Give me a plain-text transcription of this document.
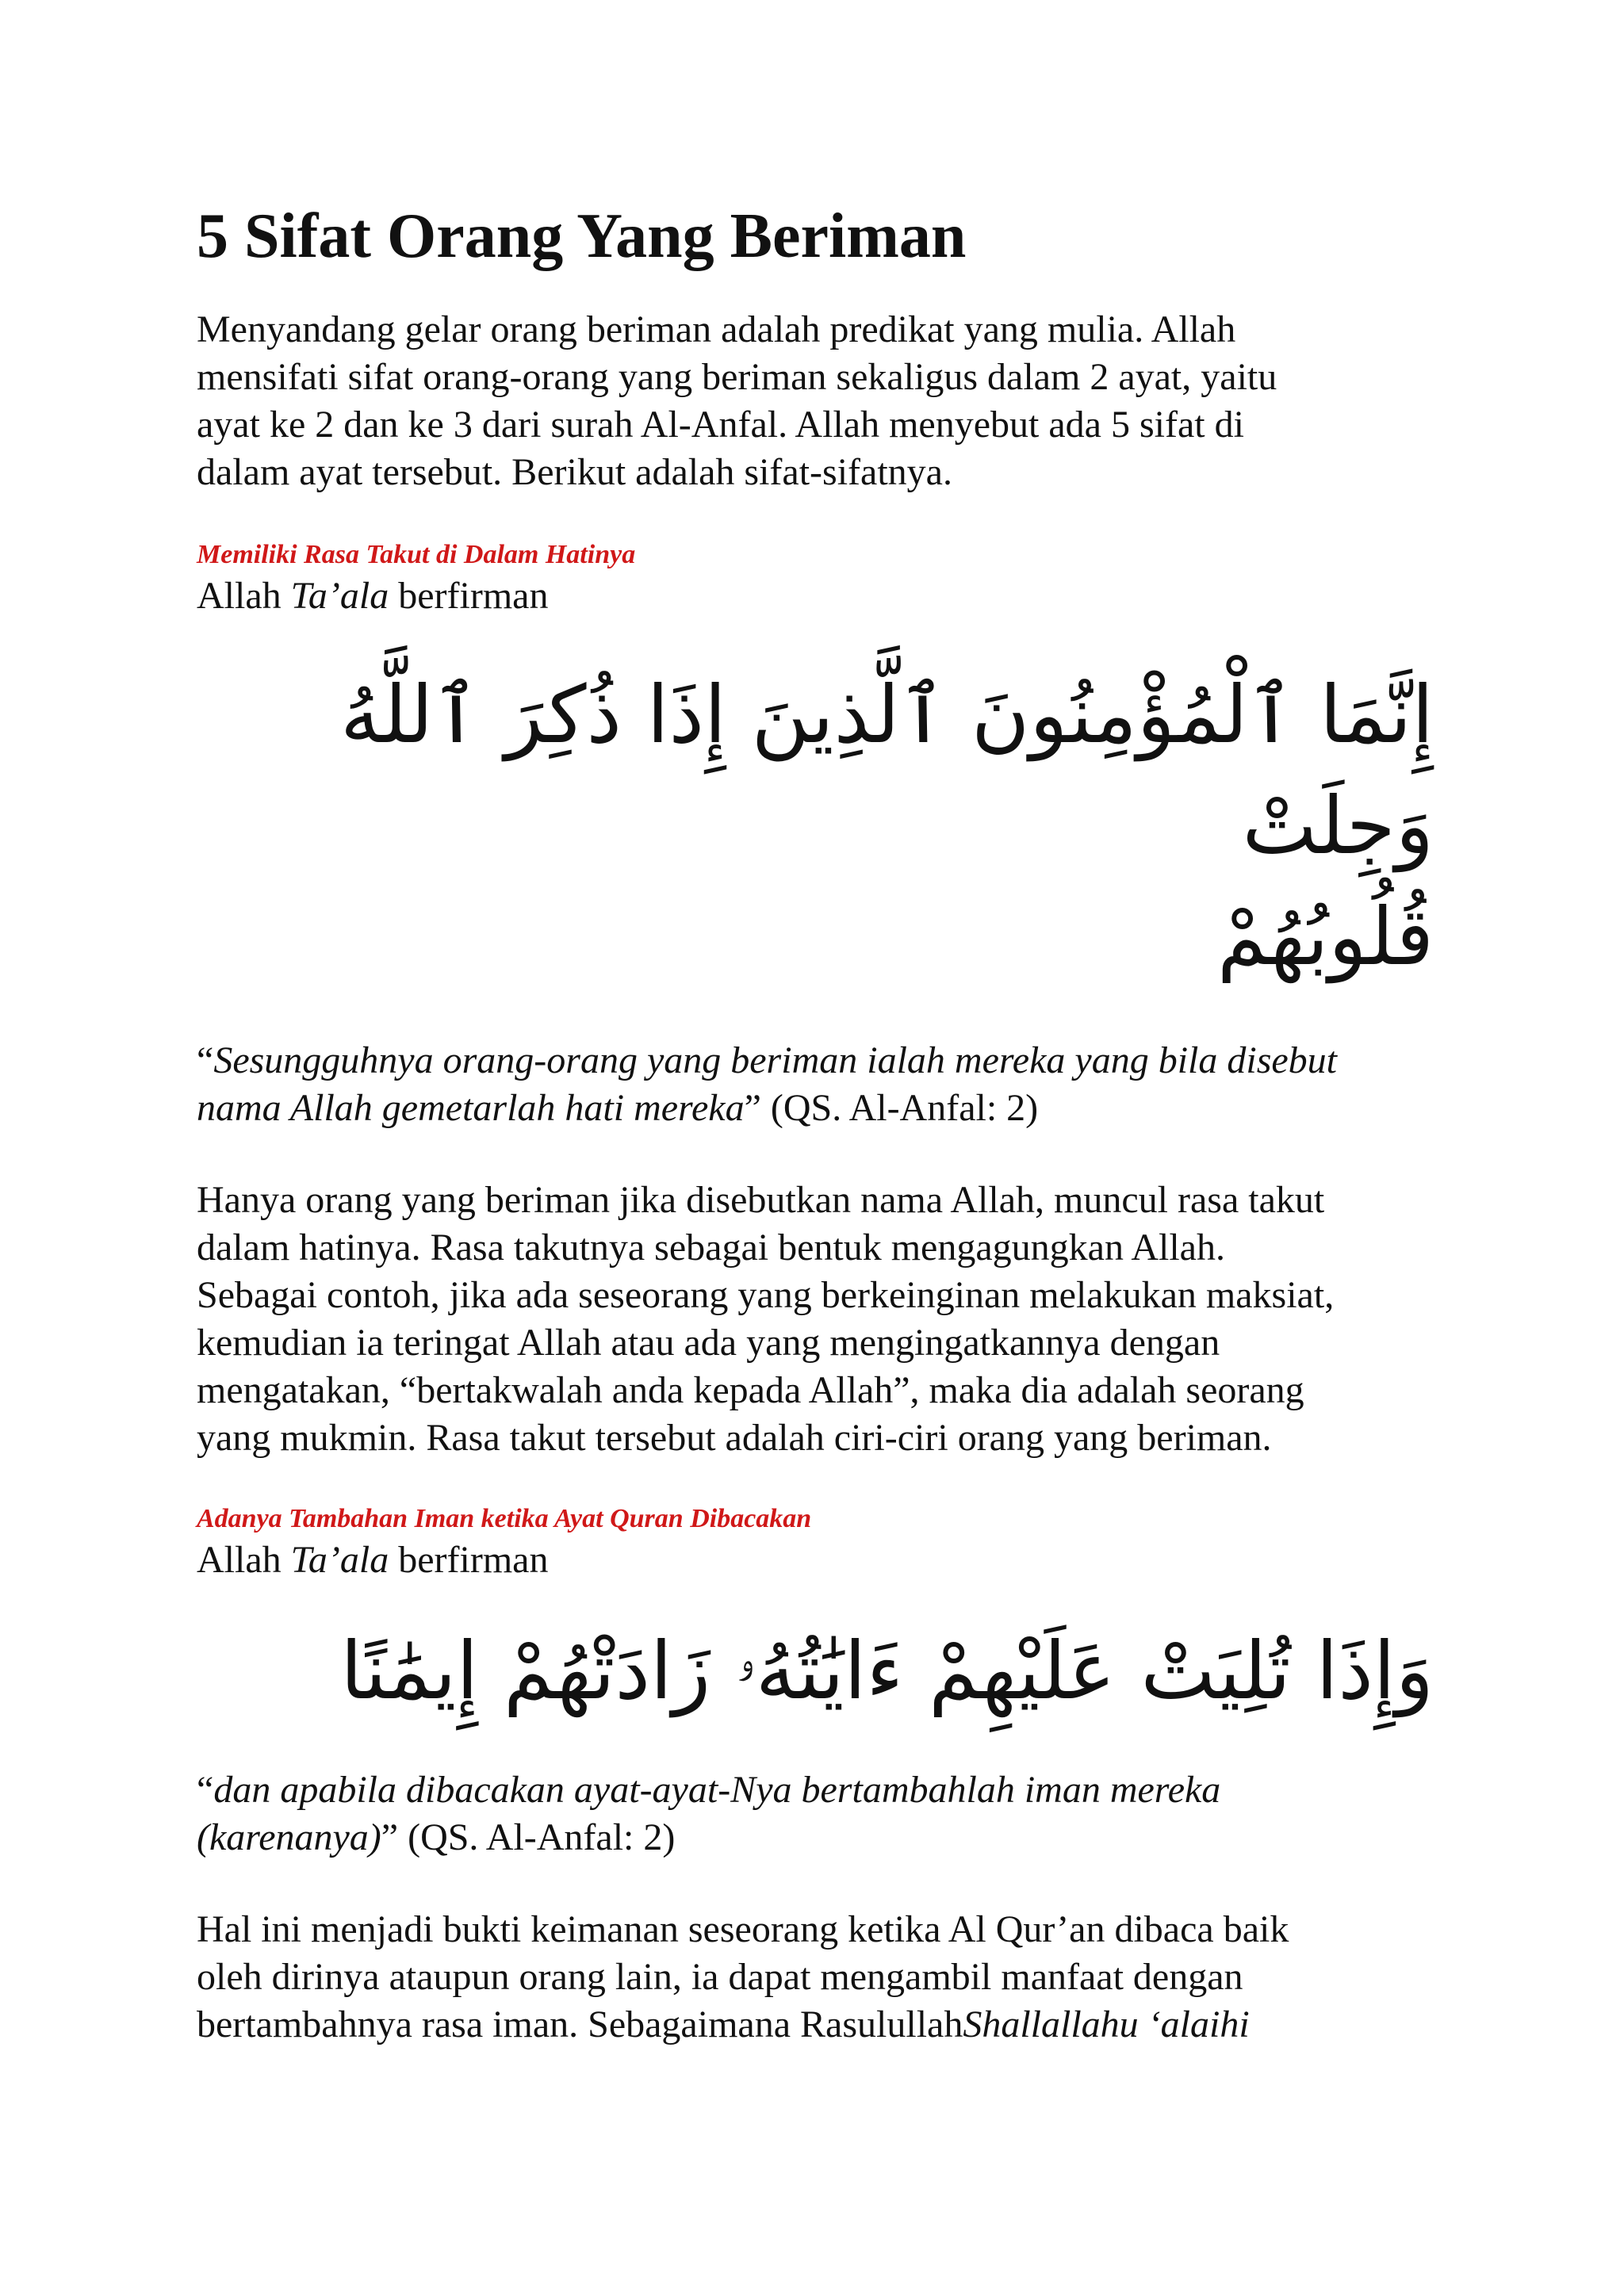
5 Sifat Orang Yang Beriman

Menyandang gelar orang beriman adalah predikat yang mulia. Allah
mensifati sifat orang-orang yang beriman sekaligus dalam 2 ayat, yaitu
ayat ke 2 dan ke 3 dari surah Al-Anfal. Allah menyebut ada 5 sifat di
dalam ayat tersebut. Berikut adalah sifat-sifatnya.

Memiliki Rasa Takut di Dalam Hatinya

Allah Ta’ala berfirman

إِنَّمَا ٱلْمُؤْمِنُونَ ٱلَّذِينَ إِذَا ذُكِرَ ٱللَّهُ وَجِلَتْ

قُلُوبُهُمْ

“Sesungguhnya orang-orang yang beriman ialah mereka yang bila disebut
nama Allah gemetarlah hati mereka” (QS. Al-Anfal: 2)

Hanya orang yang beriman jika disebutkan nama Allah, muncul rasa takut
dalam hatinya. Rasa takutnya sebagai bentuk mengagungkan Allah.
Sebagai contoh, jika ada seseorang yang berkeinginan melakukan maksiat,
kemudian ia teringat Allah atau ada yang mengingatkannya dengan
mengatakan, “bertakwalah anda kepada Allah”, maka dia adalah seorang
yang mukmin. Rasa takut tersebut adalah ciri-ciri orang yang beriman.

Adanya Tambahan Iman ketika Ayat Quran Dibacakan

Allah Ta’ala berfirman

وَإِذَا تُلِيَتْ عَلَيْهِمْ ءَايَٰتُهُۥ زَادَتْهُمْ إِيمَٰنًا

“dan apabila dibacakan ayat-ayat-Nya bertambahlah iman mereka
(karenanya)” (QS. Al-Anfal: 2)

Hal ini menjadi bukti keimanan seseorang ketika Al Qur’an dibaca baik
oleh dirinya ataupun orang lain, ia dapat mengambil manfaat dengan
bertambahnya rasa iman. Sebagaimana RasulullahShallallahu ‘alaihi
